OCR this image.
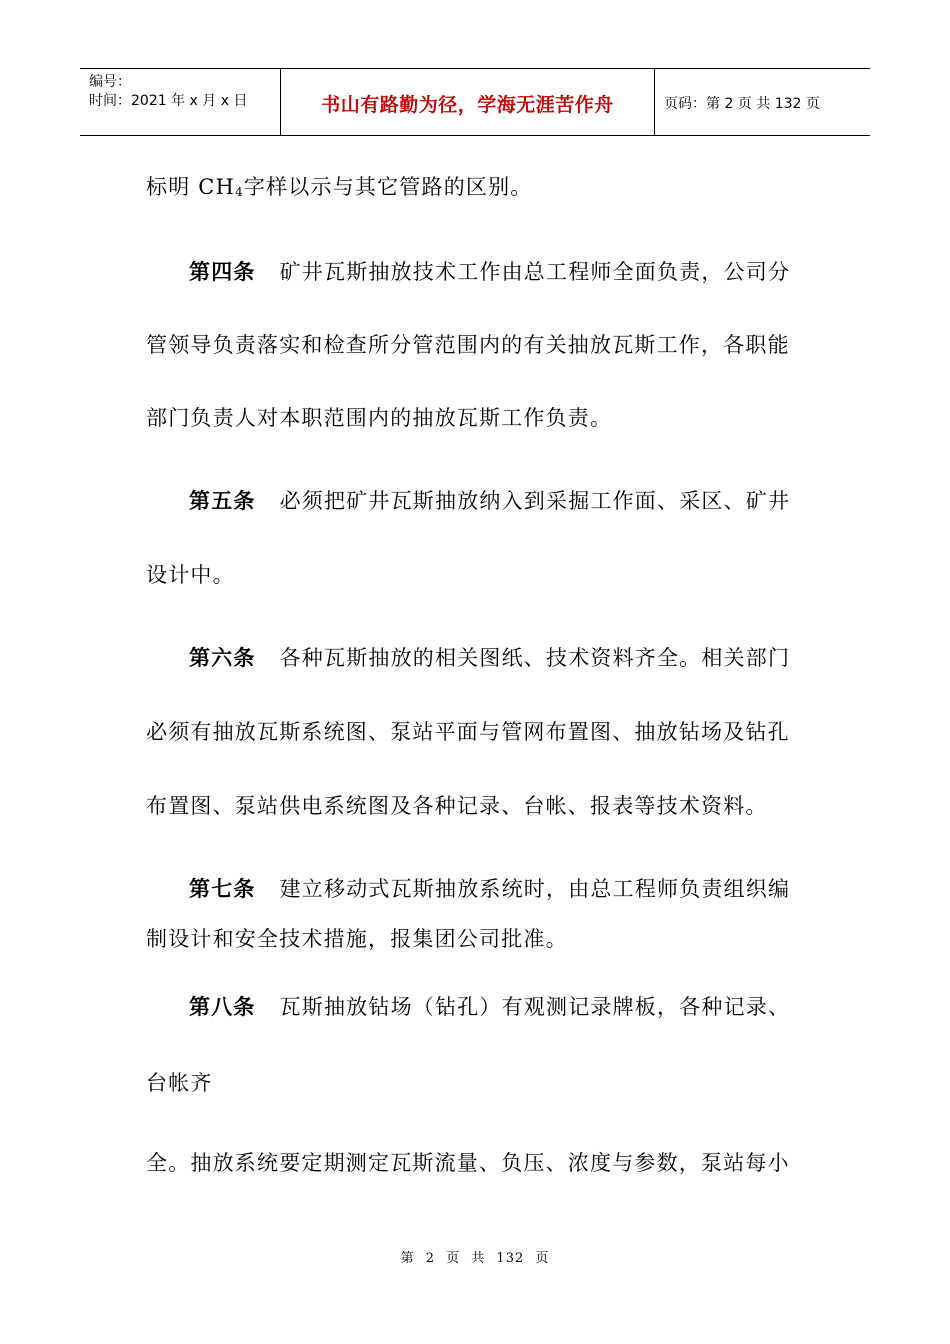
编号：
时间：2021 年 x 月 x 日	书山有路勤为径，学海无涯苦作舟	页码：第 2 页 共 132 页
标明 $CH_4$字样以示与其它管路的区别。
第四条 矿井瓦斯抽放技术工作由总工程师全面负责，公司分
管领导负责落实和检查所分管范围内的有关抽放瓦斯工作，各职能
部门负责人对本职范围内的抽放瓦斯工作负责。
第五条 必须把矿井瓦斯抽放纳入到采掘工作面、采区、矿井
设计中。
第六条 各种瓦斯抽放的相关图纸、技术资料齐全。相关部门
必须有抽放瓦斯系统图、泵站平面与管网布置图、抽放钻场及钻孔
布置图、泵站供电系统图及各种记录、台帐、报表等技术资料。
第七条 建立移动式瓦斯抽放系统时，由总工程师负责组织编
制设计和安全技术措施，报集团公司批准。
第八条 瓦斯抽放钻场（钻孔）有观测记录牌板，各种记录、
台帐齐
全。抽放系统要定期测定瓦斯流量、负压、浓度与参数，泵站每小
第 2 页 共 132 页
